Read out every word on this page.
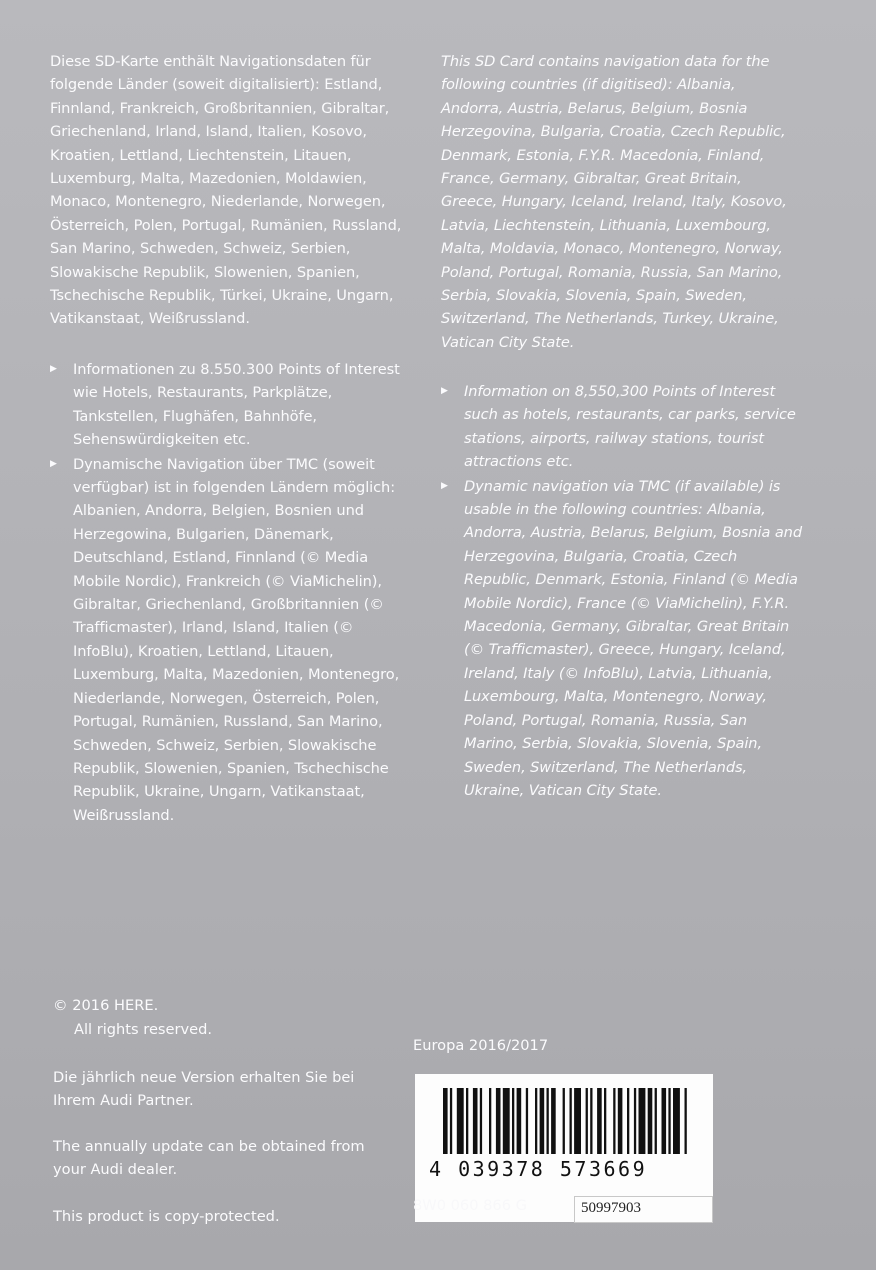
Diese SD-Karte enthält Navigationsdaten für folgende Länder (soweit digitalisiert): Estland, Finnland, Frankreich, Großbritannien, Gibraltar, Griechenland, Irland, Island, Italien, Kosovo, Kroatien, Lettland, Liechtenstein, Litauen, Luxemburg, Malta, Mazedonien, Moldawien, Monaco, Montenegro, Niederlande, Norwegen, Österreich, Polen, Portugal, Rumänien, Russland, San Marino, Schweden, Schweiz, Serbien, Slowakische Republik, Slowenien, Spanien, Tschechische Republik, Türkei, Ukraine, Ungarn, Vatikanstaat, Weißrussland.

This SD Card contains navigation data for the following countries (if digitised): Albania, Andorra, Austria, Belarus, Belgium, Bosnia Herzegovina, Bulgaria, Croatia, Czech Republic, Denmark, Estonia, F.Y.R. Macedonia, Finland, France, Germany, Gibraltar, Great Britain, Greece, Hungary, Iceland, Ireland, Italy, Kosovo, Latvia, Liechtenstein, Lithuania, Luxembourg, Malta, Moldavia, Monaco, Montenegro, Norway, Poland, Portugal, Romania, Russia, San Marino, Serbia, Slovakia, Slovenia, Spain, Sweden, Switzerland, The Netherlands, Turkey, Ukraine, Vatican City State.

▶ Informationen zu 8.550.300 Points of Interest wie Hotels, Restaurants, Parkplätze, Tankstellen, Flughäfen, Bahnhöfe, Sehenswürdigkeiten etc.
▶ Dynamische Navigation über TMC (soweit verfügbar) ist in folgenden Ländern möglich: Albanien, Andorra, Belgien, Bosnien und Herzegowina, Bulgarien, Dänemark, Deutschland, Estland, Finnland (© Media Mobile Nordic), Frankreich (© ViaMichelin), Gibraltar, Griechenland, Großbritannien (© Trafficmaster), Irland, Island, Italien (© InfoBlu), Kroatien, Lettland, Litauen, Luxemburg, Malta, Mazedonien, Montenegro, Niederlande, Norwegen, Österreich, Polen, Portugal, Rumänien, Russland, San Marino, Schweden, Schweiz, Serbien, Slowakische Republik, Slowenien, Spanien, Tschechische Republik, Ukraine, Ungarn, Vatikanstaat, Weißrussland.
▶ Information on 8,550,300 Points of Interest such as hotels, restaurants, car parks, service stations, airports, railway stations, tourist attractions etc.
▶ Dynamic navigation via TMC (if available) is usable in the following countries: Albania, Andorra, Austria, Belarus, Belgium, Bosnia and Herzegovina, Bulgaria, Croatia, Czech Republic, Denmark, Estonia, Finland (© Media Mobile Nordic), France (© ViaMichelin), F.Y.R. Macedonia, Germany, Gibraltar, Great Britain (© Trafficmaster), Greece, Hungary, Iceland, Ireland, Italy (© InfoBlu), Latvia, Lithuania, Luxembourg, Malta, Montenegro, Norway, Poland, Portugal, Romania, Russia, San Marino, Serbia, Slovakia, Slovenia, Spain, Sweden, Switzerland, The Netherlands, Ukraine, Vatican City State.
© 2016 HERE.
All rights reserved.
Die jährlich neue Version erhalten Sie bei Ihrem Audi Partner.
The annually update can be obtained from your Audi dealer.
This product is copy-protected.
Europa 2016/2017
4 039378 573669
8W0 060 866 G	50997903
